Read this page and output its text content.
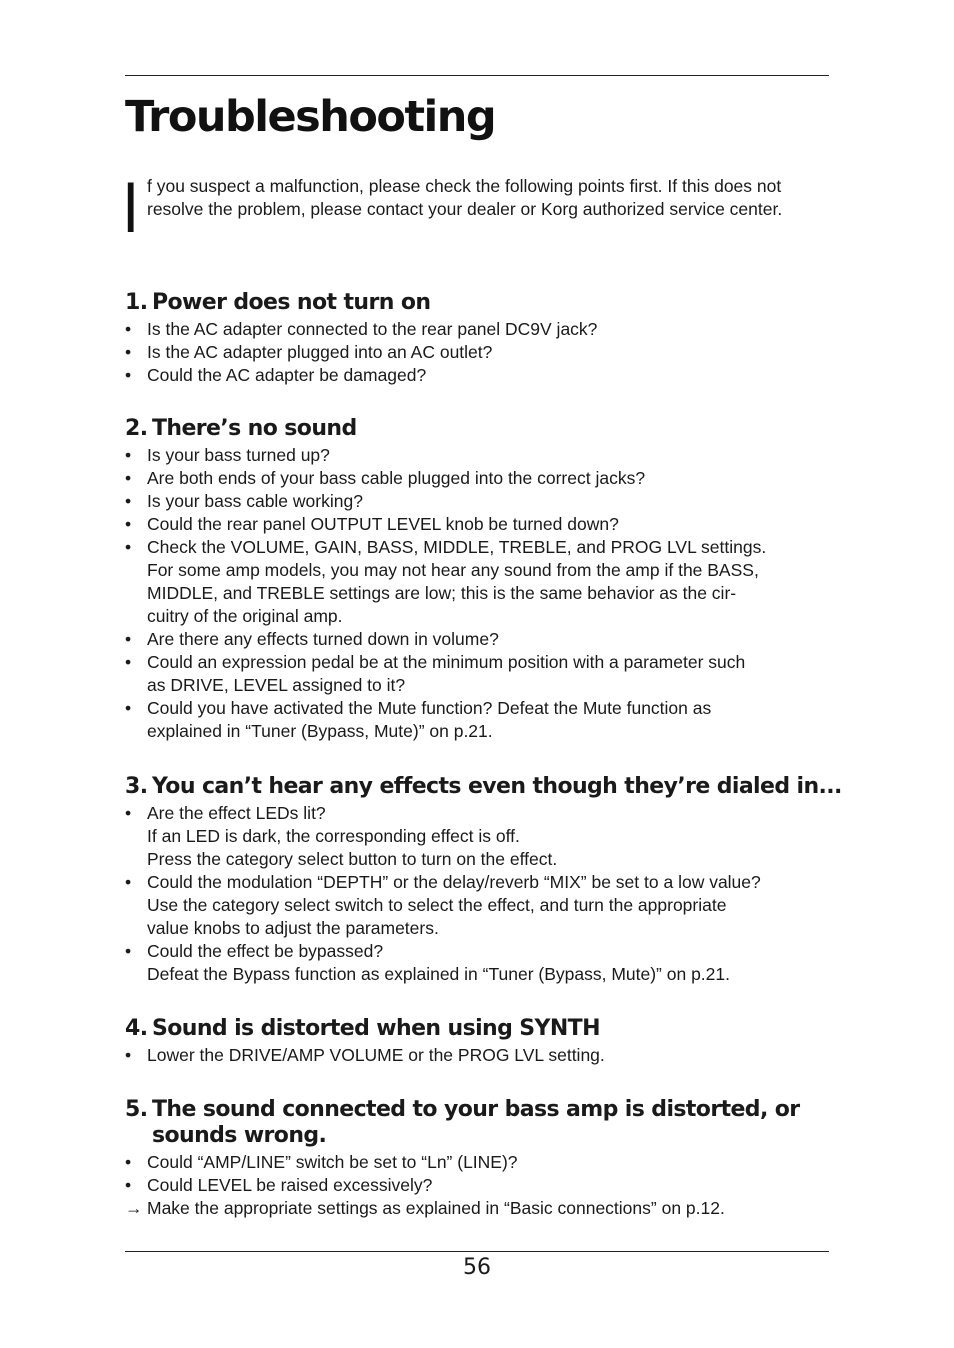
Troubleshooting
I f you suspect a malfunction, please check the following points first. If this does not resolve the problem, please contact your dealer or Korg authorized service center.

1. Power does not turn on
• Is the AC adapter connected to the rear panel DC9V jack?
• Is the AC adapter plugged into an AC outlet?
• Could the AC adapter be damaged?
2. There’s no sound
• Is your bass turned up?
• Are both ends of your bass cable plugged into the correct jacks?
• Is your bass cable working?
• Could the rear panel OUTPUT LEVEL knob be turned down?
• Check the VOLUME, GAIN, BASS, MIDDLE, TREBLE, and PROG LVL settings.
For some amp models, you may not hear any sound from the amp if the BASS,
MIDDLE, and TREBLE settings are low; this is the same behavior as the cir-
cuitry of the original amp.
• Are there any effects turned down in volume?
• Could an expression pedal be at the minimum position with a parameter such
as DRIVE, LEVEL assigned to it?
• Could you have activated the Mute function? Defeat the Mute function as
explained in “Tuner (Bypass, Mute)” on p.21.
3. You can’t hear any effects even though they’re dialed in...
• Are the effect LEDs lit?
If an LED is dark, the corresponding effect is off.
Press the category select button to turn on the effect.
• Could the modulation “DEPTH” or the delay/reverb “MIX” be set to a low value?
Use the category select switch to select the effect, and turn the appropriate
value knobs to adjust the parameters.
• Could the effect be bypassed?
Defeat the Bypass function as explained in “Tuner (Bypass, Mute)” on p.21.
4. Sound is distorted when using SYNTH
• Lower the DRIVE/AMP VOLUME or the PROG LVL setting.
5. The sound connected to your bass amp is distorted, or
sounds wrong.
• Could “AMP/LINE” switch be set to “Ln” (LINE)?
• Could LEVEL be raised excessively?
→ Make the appropriate settings as explained in “Basic connections” on p.12.
56
